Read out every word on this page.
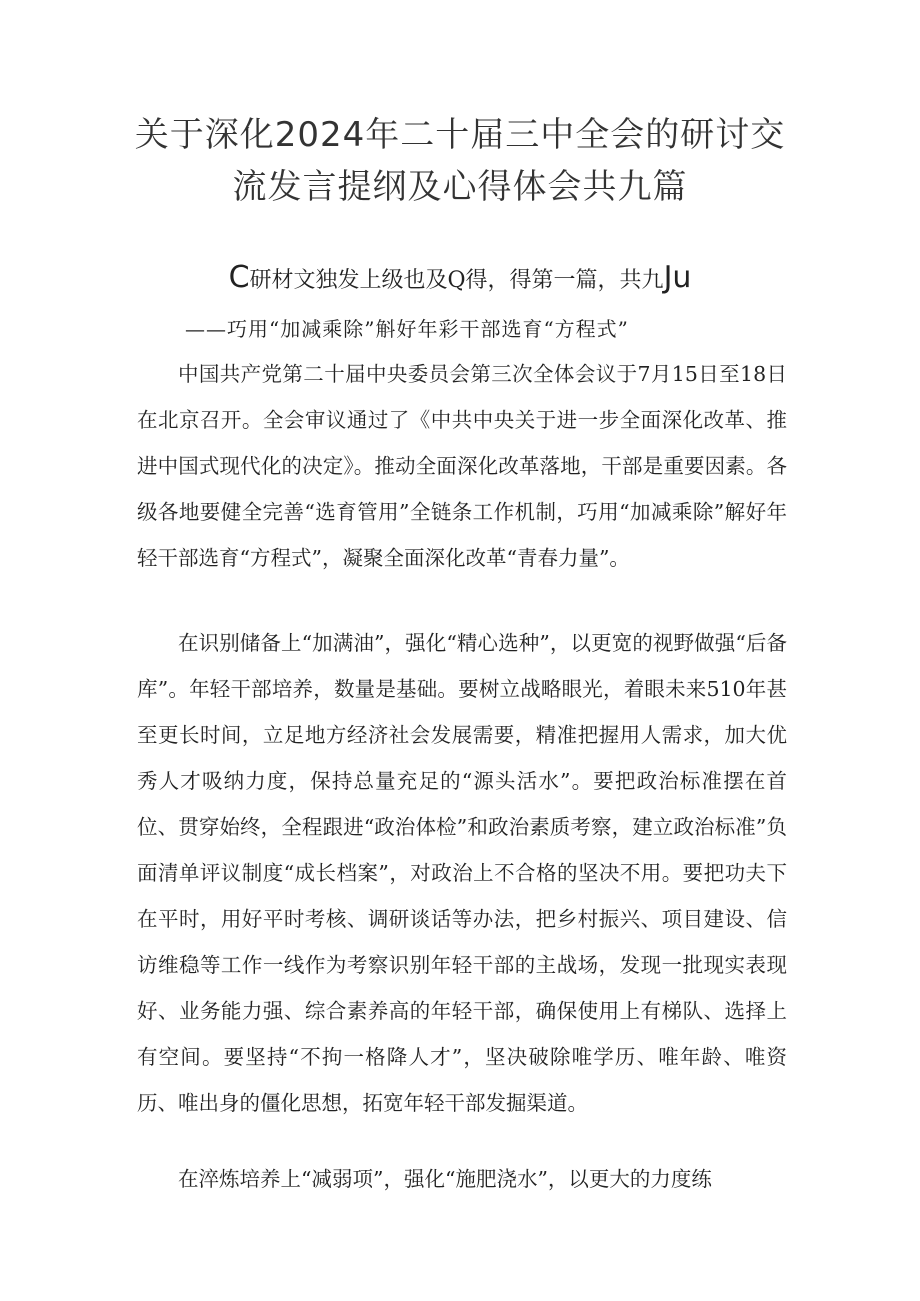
关于深化2024年二十届三中全会的研讨交
流发言提纲及心得体会共九篇
C研材文独发上级也及Q得，得第一篇，共九Ju
——巧用“加减乘除”斛好年彩干部选育“方程式”

中国共产党第二十届中央委员会第三次全体会议于7月15日至18日在北京召开。全会审议通过了《中共中央关于进一步全面深化改革、推进中国式现代化的决定》。推动全面深化改革落地，干部是重要因素。各级各地要健全完善“选育管用”全链条工作机制，巧用“加减乘除”解好年轻干部选育“方程式”，凝聚全面深化改革“青春力量”。

在识别储备上“加满油”，强化“精心选种”，以更宽的视野做强“后备库”。年轻干部培养，数量是基础。要树立战略眼光，着眼未来510年甚至更长时间，立足地方经济社会发展需要，精准把握用人需求，加大优秀人才吸纳力度，保持总量充足的“源头活水”。要把政治标准摆在首位、贯穿始终，全程跟进“政治体检”和政治素质考察，建立政治标准”负面清单评议制度“成长档案”，对政治上不合格的坚决不用。要把功夫下在平时，用好平时考核、调研谈话等办法，把乡村振兴、项目建设、信访维稳等工作一线作为考察识别年轻干部的主战场，发现一批现实表现好、业务能力强、综合素养高的年轻干部，确保使用上有梯队、选择上有空间。要坚持“不拘一格降人才”，坚决破除唯学历、唯年龄、唯资历、唯出身的僵化思想，拓宽年轻干部发掘渠道。

在淬炼培养上“减弱项”，强化“施肥浇水”，以更大的力度练
